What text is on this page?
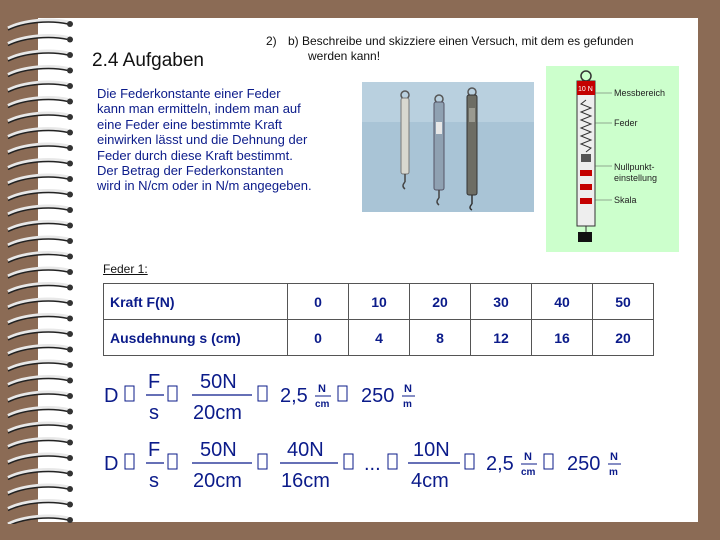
2.4 Aufgaben
2) b) Beschreibe und skizziere einen Versuch, mit dem es gefunden
werden kann!
Die Federkonstante einer Feder
kann man ermitteln, indem man auf
eine Feder eine bestimmte Kraft
einwirken lässt und die Dehnung der
Feder durch diese Kraft bestimmt.
Der Betrag der Federkonstanten
wird in N/cm oder in N/m angegeben.
10 N Messbereich
Feder
Nullpunkt-
einstellung
Skala
Feder 1:
Kraft F(N)	0	10	20	30	40	50
Ausdehnung s (cm)	0	4	8	12	16	20
D
F
s
50N
20cm
2,5 N
cm 250 N
m
D
F
s
50N
20cm
40N
16cm
...
10N
4cm
2,5 N
cm 250 N
m
